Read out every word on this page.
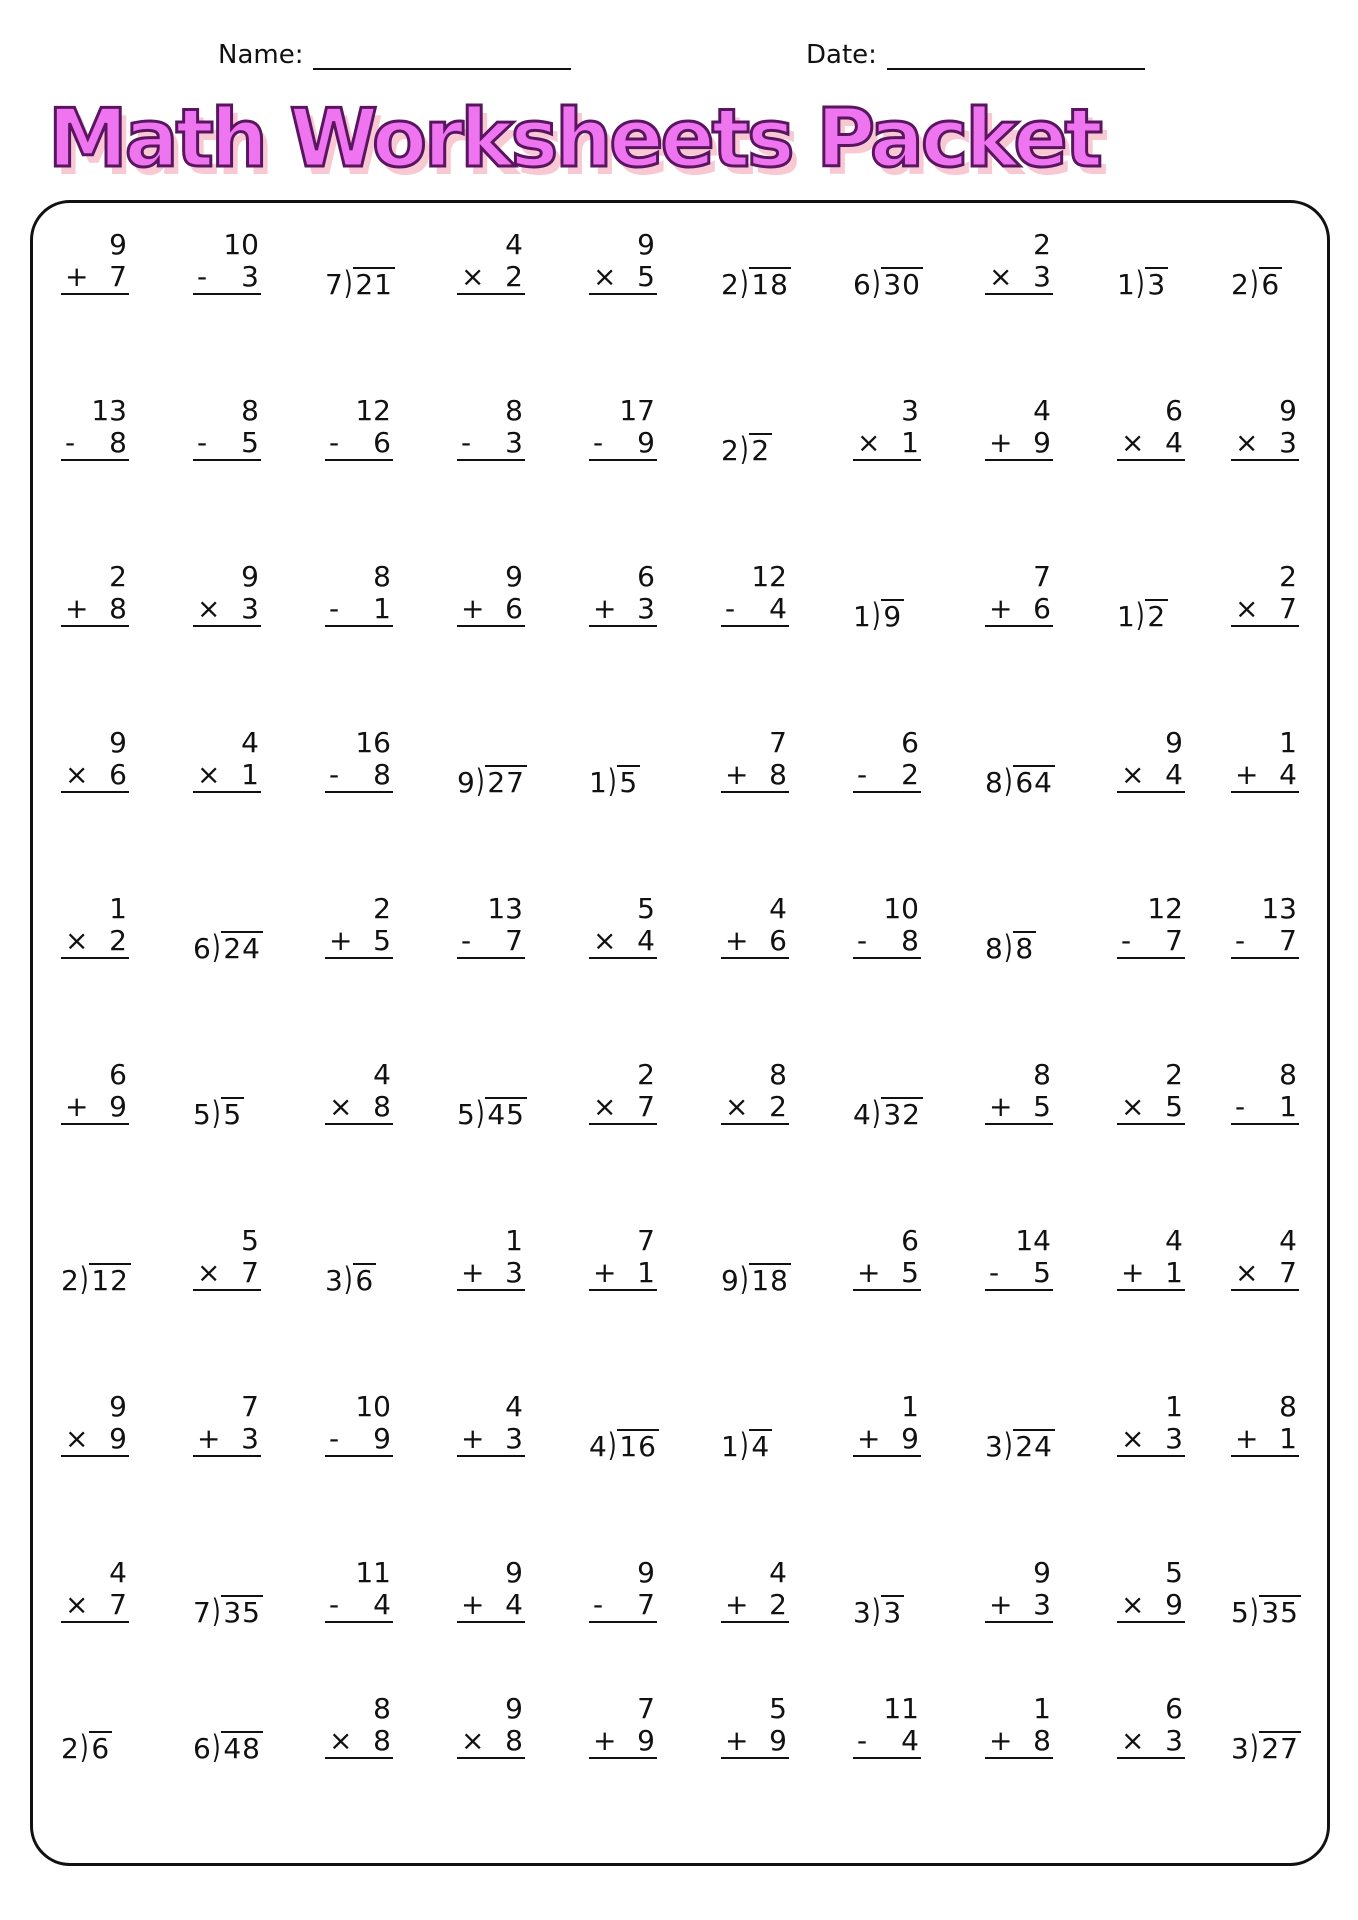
Name:	Date:
Math Worksheets Packet
9
+ 7
10
- 3 7 ) 21
4
× 2
9
× 5 2 ) 18 6 ) 30
2
× 3 1 ) 3 2 ) 6
13
- 8
8
- 5
12
- 6
8
- 3
17
- 9 2 ) 2
3
× 1
4
+ 9
6
× 4
9
× 3
2
+ 8
9
× 3
8
- 1
9
+ 6
6
+ 3
12
- 4 1 ) 9
7
+ 6 1 ) 2
2
× 7
9
× 6
4
× 1
16
- 8 9 ) 27 1 ) 5
7
+ 8
6
- 2 8 ) 64
9
× 4
1
+ 4
1
× 2 6 ) 24
2
+ 5
13
- 7
5
× 4
4
+ 6
10
- 8 8 ) 8
12
- 7
13
- 7
6
+ 9 5 ) 5
4
× 8 5 ) 45
2
× 7
8
× 2 4 ) 32
8
+ 5
2
× 5
8
- 1
2 ) 12
5
× 7 3 ) 6
1
+ 3
7
+ 1 9 ) 18
6
+ 5
14
- 5
4
+ 1
4
× 7
9
× 9
7
+ 3
10
- 9
4
+ 3 4 ) 16 1 ) 4
1
+ 9 3 ) 24
1
× 3
8
+ 1
4
× 7 7 ) 35
11
- 4
9
+ 4
9
- 7
4
+ 2 3 ) 3
9
+ 3
5
× 9 5 ) 35
2 ) 6	6 ) 48
8
× 8
9
× 8
7
+ 9
5
+ 9
11
- 4
1
+ 8
6
× 3 3 ) 27
